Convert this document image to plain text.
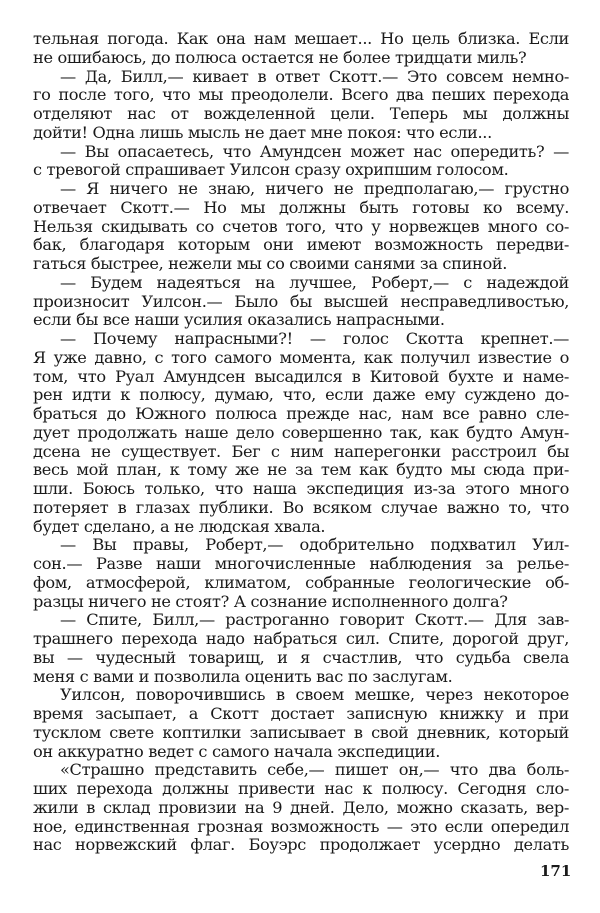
тельная погода. Как она нам мешает... Но цель близка. Если
не ошибаюсь, до полюса остается не более тридцати миль?
— Да, Билл,— кивает в ответ Скотт.— Это совсем немно-
го после того, что мы преодолели. Всего два пеших перехода
отделяют нас от вожделенной цели. Теперь мы должны
дойти! Одна лишь мысль не дает мне покоя: что если...
— Вы опасаетесь, что Амундсен может нас опередить? —
с тревогой спрашивает Уилсон сразу охрипшим голосом.
— Я ничего не знаю, ничего не предполагаю,— грустно
отвечает Скотт.— Но мы должны быть готовы ко всему.
Нельзя скидывать со счетов того, что у норвежцев много со-
бак, благодаря которым они имеют возможность передви-
гаться быстрее, нежели мы со своими санями за спиной.
— Будем надеяться на лучшее, Роберт,— с надеждой
произносит Уилсон.— Было бы высшей несправедливостью,
если бы все наши усилия оказались напрасными.
— Почему напрасными?! — голос Скотта крепнет.—
Я уже давно, с того самого момента, как получил известие о
том, что Руал Амундсен высадился в Китовой бухте и наме-
рен идти к полюсу, думаю, что, если даже ему суждено до-
браться до Южного полюса прежде нас, нам все равно сле-
дует продолжать наше дело совершенно так, как будто Амун-
дсена не существует. Бег с ним наперегонки расстроил бы
весь мой план, к тому же не за тем как будто мы сюда при-
шли. Боюсь только, что наша экспедиция из-за этого много
потеряет в глазах публики. Во всяком случае важно то, что
будет сделано, а не людская хвала.
— Вы правы, Роберт,— одобрительно подхватил Уил-
сон.— Разве наши многочисленные наблюдения за релье-
фом, атмосферой, климатом, собранные геологические об-
разцы ничего не стоят? А сознание исполненного долга?
— Спите, Билл,— растроганно говорит Скотт.— Для зав-
трашнего перехода надо набраться сил. Спите, дорогой друг,
вы — чудесный товарищ, и я счастлив, что судьба свела
меня с вами и позволила оценить вас по заслугам.
Уилсон, поворочившись в своем мешке, через некоторое
время засыпает, а Скотт достает записную книжку и при
тусклом свете коптилки записывает в свой дневник, который
он аккуратно ведет с самого начала экспедиции.
«Страшно представить себе,— пишет он,— что два боль-
ших перехода должны привести нас к полюсу. Сегодня сло-
жили в склад провизии на 9 дней. Дело, можно сказать, вер-
ное, единственная грозная возможность — это если опередил
нас норвежский флаг. Боуэрс продолжает усердно делать
171
